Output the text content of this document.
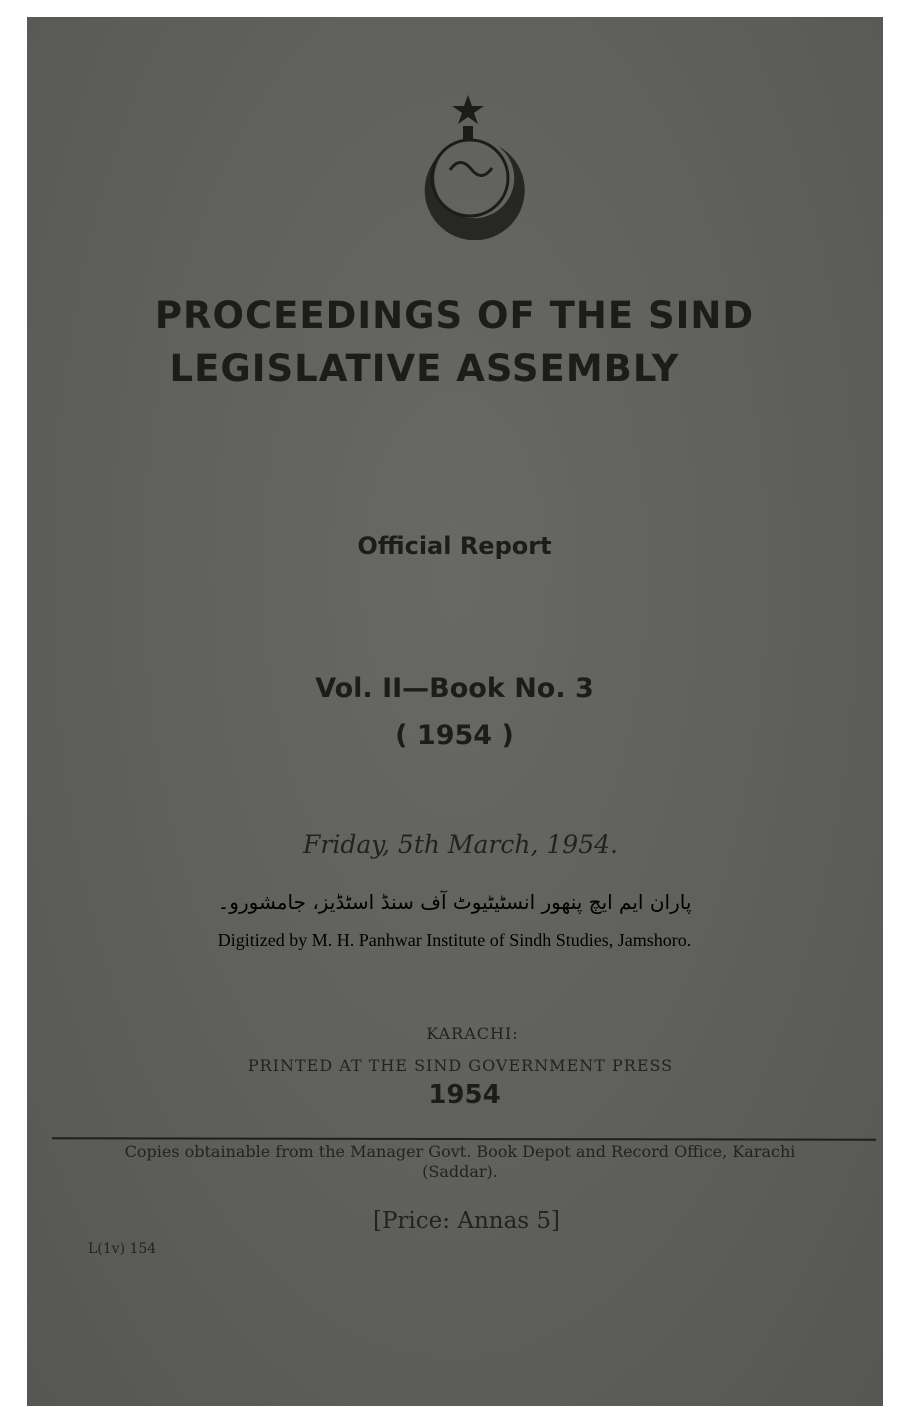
PROCEEDINGS OF THE SIND
LEGISLATIVE ASSEMBLY
Official Report
Vol. II—Book No. 3
( 1954 )
Friday, 5th March, 1954.
پاران ایم ایچ پنهور انسٹیٹیوٹ آف سنڈ اسٹڈیز، جامشورو۔
Digitized by M. H. Panhwar Institute of Sindh Studies, Jamshoro.
KARACHI:
PRINTED AT THE SIND GOVERNMENT PRESS
1954
Copies obtainable from the Manager Govt. Book Depot and Record Office, Karachi (Saddar).
[Price: Annas 5]
L(1v) 154
